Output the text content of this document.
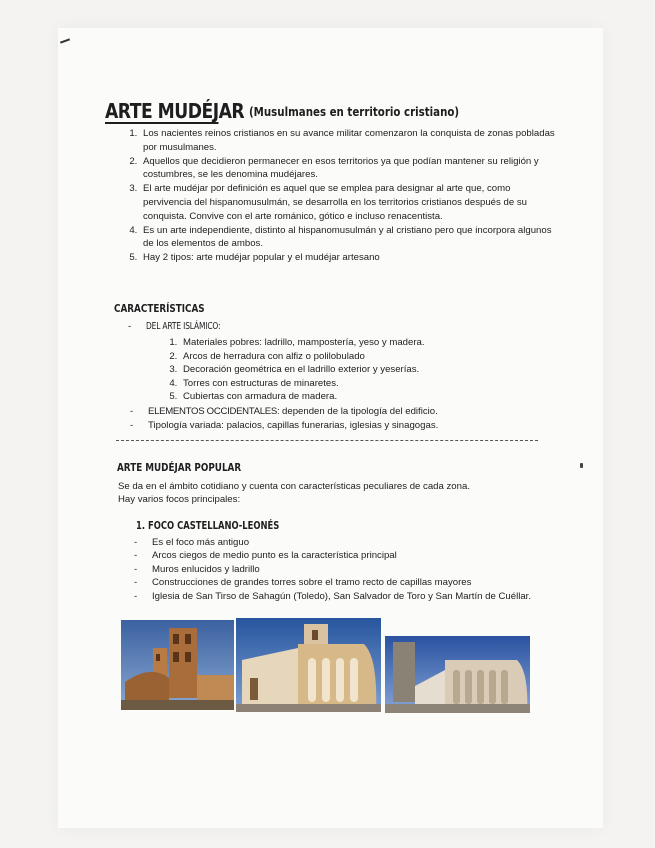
ARTE MUDÉJAR (Musulmanes en territorio cristiano)
1. Los nacientes reinos cristianos en su avance militar comenzaron la conquista de zonas pobladas por musulmanes.
2. Aquellos que decidieron permanecer en esos territorios ya que podían mantener su religión y costumbres, se les denomina mudéjares.
3. El arte mudéjar por definición es aquel que se emplea para designar al arte que, como pervivencia del hispanomusulmán, se desarrolla en los territorios cristianos después de su conquista. Convive con el arte románico, gótico e incluso renacentista.
4. Es un arte independiente, distinto al hispanomusulmán y al cristiano pero que incorpora algunos de los elementos de ambos.
5. Hay 2 tipos: arte mudéjar popular y el mudéjar artesano
CARACTERÍSTICAS
- DEL ARTE ISLÁMICO:
1. Materiales pobres: ladrillo, mampostería, yeso y madera.
2. Arcos de herradura con alfiz o polilobulado
3. Decoración geométrica en el ladrillo exterior y yeserías.
4. Torres con estructuras de minaretes.
5. Cubiertas con armadura de madera.
- ELEMENTOS OCCIDENTALES: dependen de la tipología del edificio.
- Tipología variada: palacios, capillas funerarias, iglesias y sinagogas.
ARTE MUDÉJAR POPULAR
Se da en el ámbito cotidiano y cuenta con características peculiares de cada zona.
Hay varios focos principales:
1. FOCO CASTELLANO-LEONÉS
- Es el foco más antiguo
- Arcos ciegos de medio punto es la característica principal
- Muros enlucidos y ladrillo
- Construcciones de grandes torres sobre el tramo recto de capillas mayores
- Iglesia de San Tirso de Sahagún (Toledo), San Salvador de Toro y San Martín de Cuéllar.
